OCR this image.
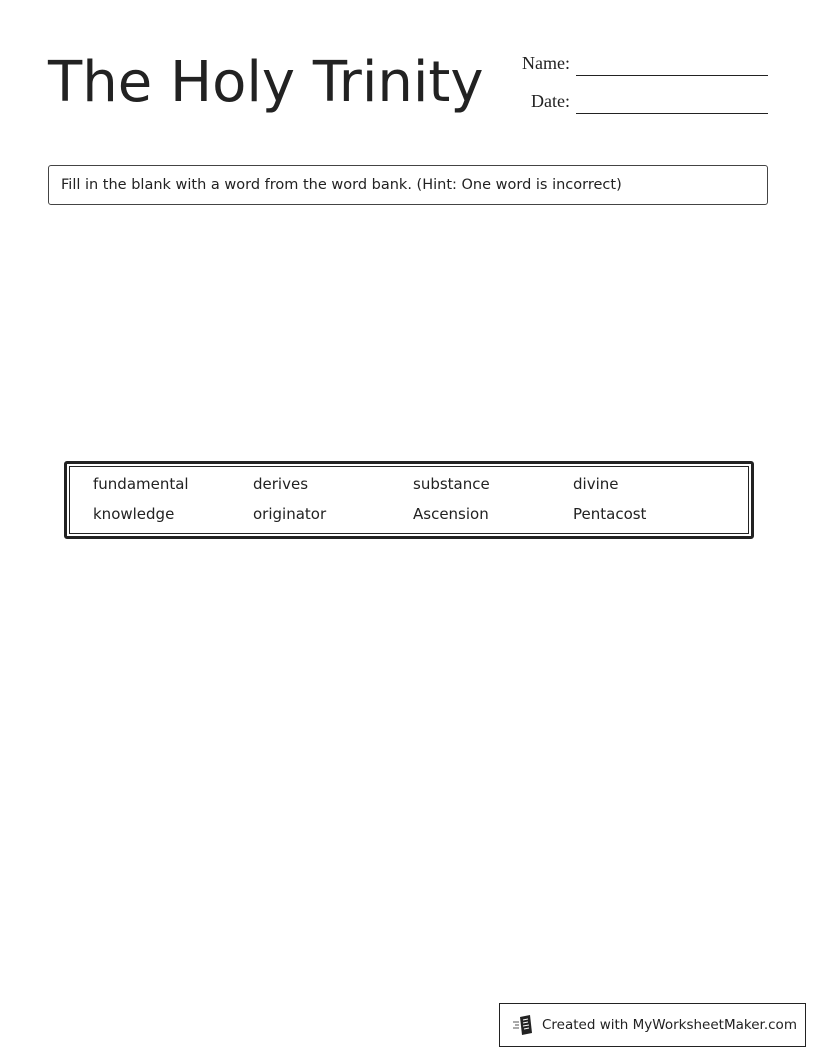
The Holy Trinity Name:
Date:
Fill in the blank with a word from the word bank. (Hint: One word is incorrect)
fundamental	derives	substance	divine
knowledge	originator	Ascension	Pentacost
Created with MyWorksheetMaker.com
